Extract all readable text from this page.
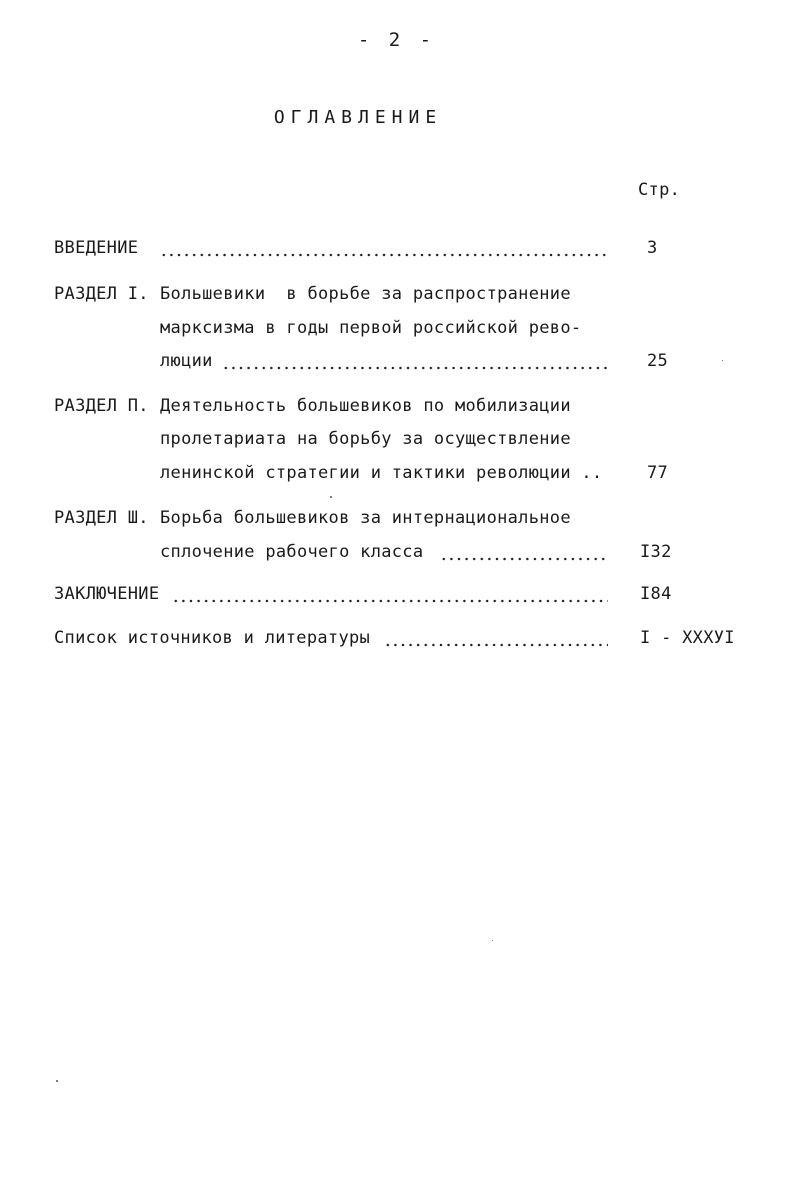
- 2 -
ОГЛАВЛЕНИЕ
Стр.
ВВЕДЕНИЕ	3
РАЗДЕЛ I. Большевики  в борьбе за распространение
марксизма в годы первой российской рево-
люции	25
РАЗДЕЛ П. Деятельность большевиков по мобилизации
пролетариата на борьбу за осуществление
ленинской стратегии и тактики революции ..	77
РАЗДЕЛ Ш. Борьба большевиков за интернациональное
сплочение рабочего класса	I32
ЗАКЛЮЧЕНИЕ	I84
Список источников и литературы	I - XXXУI
